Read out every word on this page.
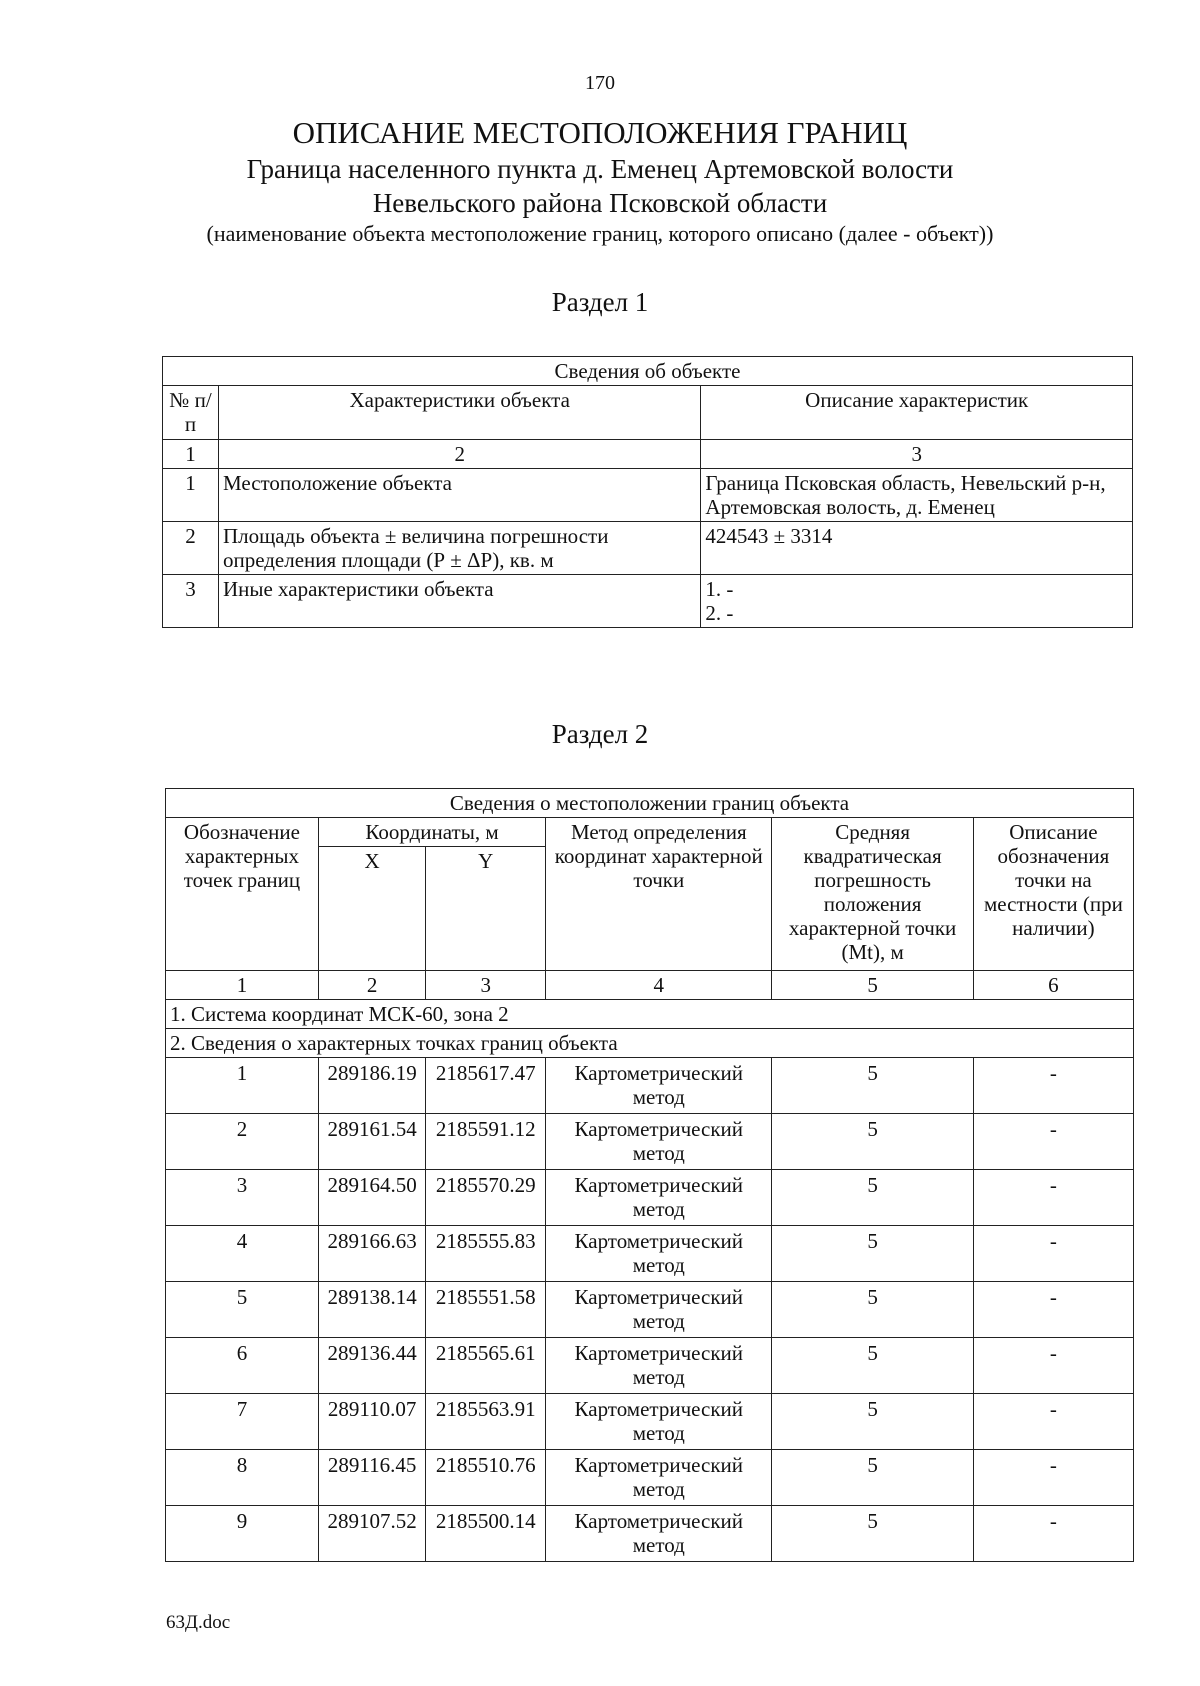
170
ОПИСАНИЕ МЕСТОПОЛОЖЕНИЯ ГРАНИЦ
Граница населенного пункта д. Еменец Артемовской волости
Невельского района Псковской области
(наименование объекта местоположение границ, которого описано (далее - объект))
Раздел 1
Сведения об объекте		
№ п/п	Характеристики объекта	Описание характеристик
1	2	3
1	Местоположение объекта	Граница Псковская область, Невельский р-н, Артемовская волость, д. Еменец
2	Площадь объекта ± величина погрешности определения площади (Р ± ΔР), кв. м	424543 ± 3314
3	Иные характеристики объекта	1. -
2. -
Раздел 2
Сведения о местоположении границ объекта					
Обозначение характерных точек границ	Координаты, м		Метод определения координат характерной точки	Средняя квадратическая погрешность положения характерной точки (Mt), м	Описание обозначения точки на местности (при наличии)
	X	Y			
1	2	3	4	5	6
1. Система координат МСК-60, зона 2					
2. Сведения о характерных точках границ объекта					
1	289186.19	2185617.47	Картометрический метод	5	-
2	289161.54	2185591.12	Картометрический метод	5	-
3	289164.50	2185570.29	Картометрический метод	5	-
4	289166.63	2185555.83	Картометрический метод	5	-
5	289138.14	2185551.58	Картометрический метод	5	-
6	289136.44	2185565.61	Картометрический метод	5	-
7	289110.07	2185563.91	Картометрический метод	5	-
8	289116.45	2185510.76	Картометрический метод	5	-
9	289107.52	2185500.14	Картометрический метод	5	-
63Д.doc
